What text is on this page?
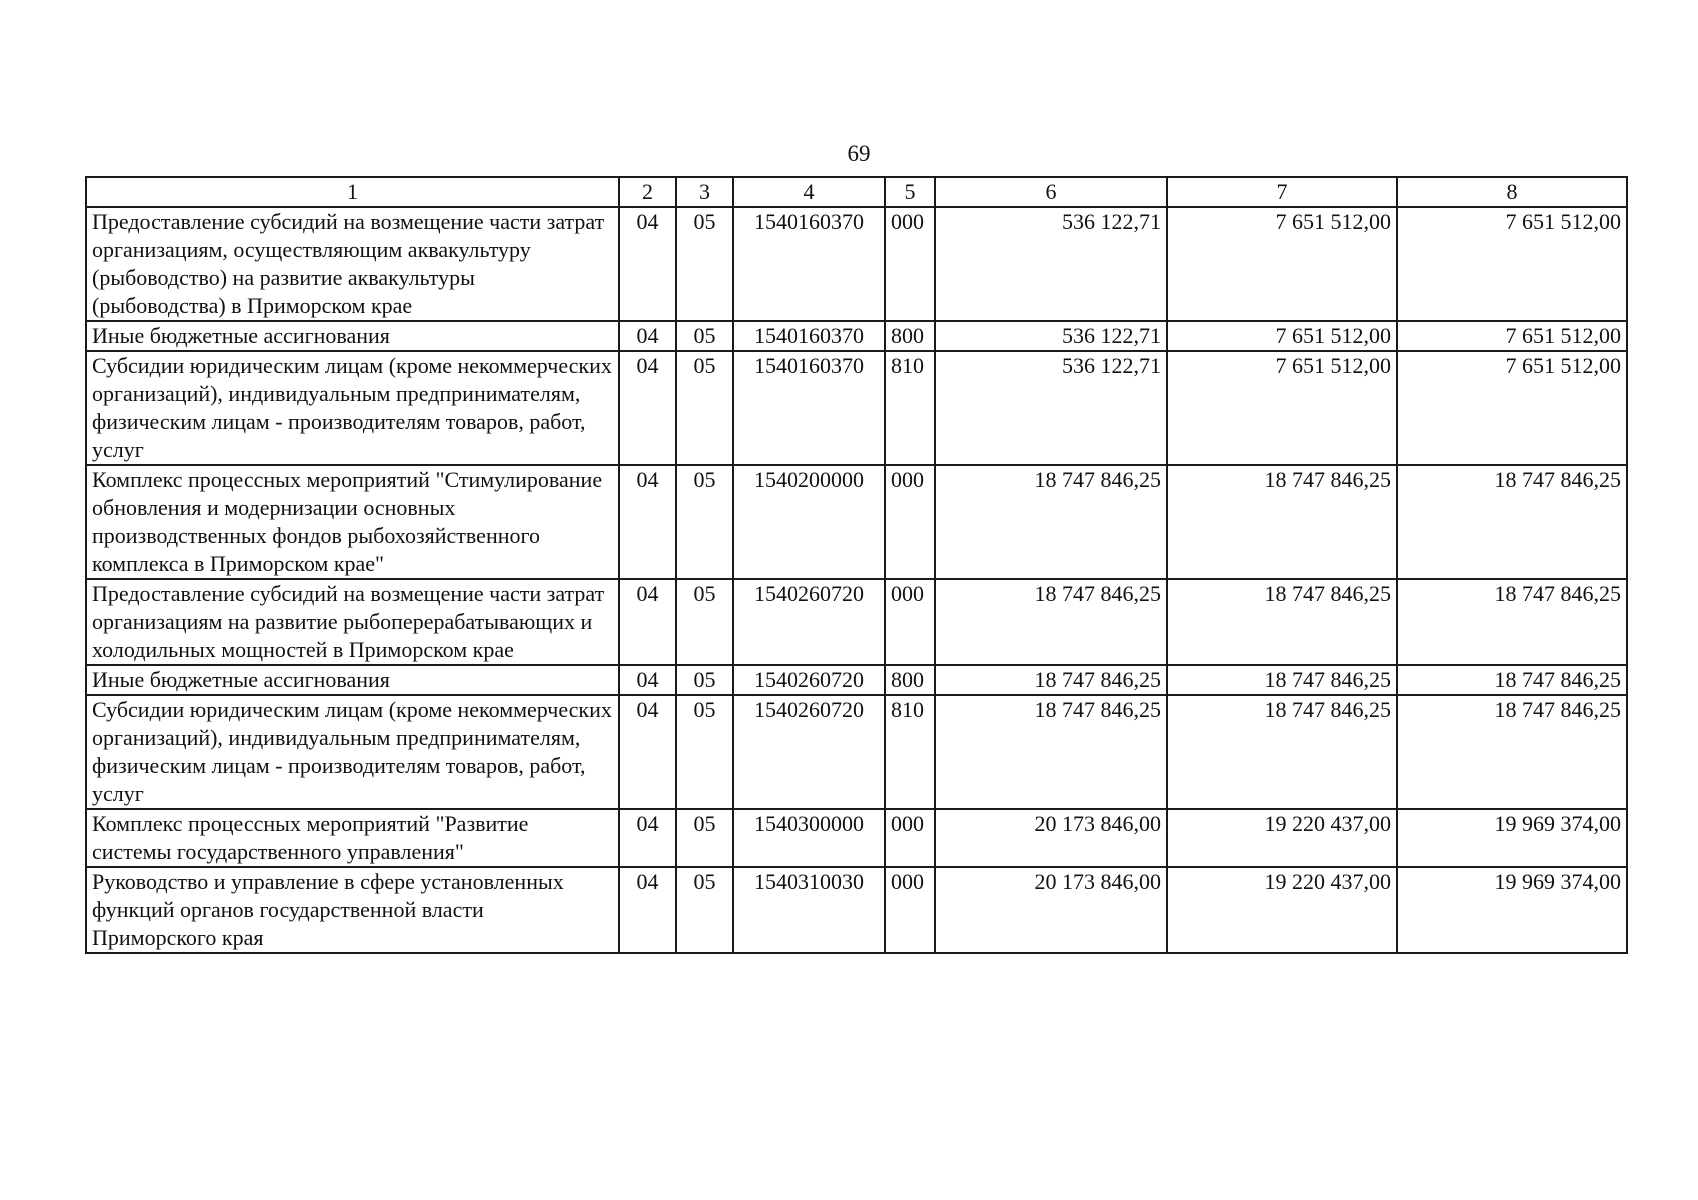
69
1	2	3	4	5	6	7	8
Предоставление субсидий на возмещение части затрат организациям, осуществляющим аквакультуру (рыбоводство) на развитие аквакультуры (рыбоводства) в Приморском крае	04	05	1540160370	000	536 122,71	7 651 512,00	7 651 512,00
Иные бюджетные ассигнования	04	05	1540160370	800	536 122,71	7 651 512,00	7 651 512,00
Субсидии юридическим лицам (кроме некоммерческих организаций), индивидуальным предпринимателям, физическим лицам - производителям товаров, работ, услуг	04	05	1540160370	810	536 122,71	7 651 512,00	7 651 512,00
Комплекс процессных мероприятий "Стимулирование обновления и модернизации основных производственных фондов рыбохозяйственного комплекса в Приморском крае"	04	05	1540200000	000	18 747 846,25	18 747 846,25	18 747 846,25
Предоставление субсидий на возмещение части затрат организациям на развитие рыбоперерабатывающих и холодильных мощностей в Приморском крае	04	05	1540260720	000	18 747 846,25	18 747 846,25	18 747 846,25
Иные бюджетные ассигнования	04	05	1540260720	800	18 747 846,25	18 747 846,25	18 747 846,25
Субсидии юридическим лицам (кроме некоммерческих организаций), индивидуальным предпринимателям, физическим лицам - производителям товаров, работ, услуг	04	05	1540260720	810	18 747 846,25	18 747 846,25	18 747 846,25
Комплекс процессных мероприятий "Развитие системы государственного управления"	04	05	1540300000	000	20 173 846,00	19 220 437,00	19 969 374,00
Руководство и управление в сфере установленных функций органов государственной власти Приморского края	04	05	1540310030	000	20 173 846,00	19 220 437,00	19 969 374,00
